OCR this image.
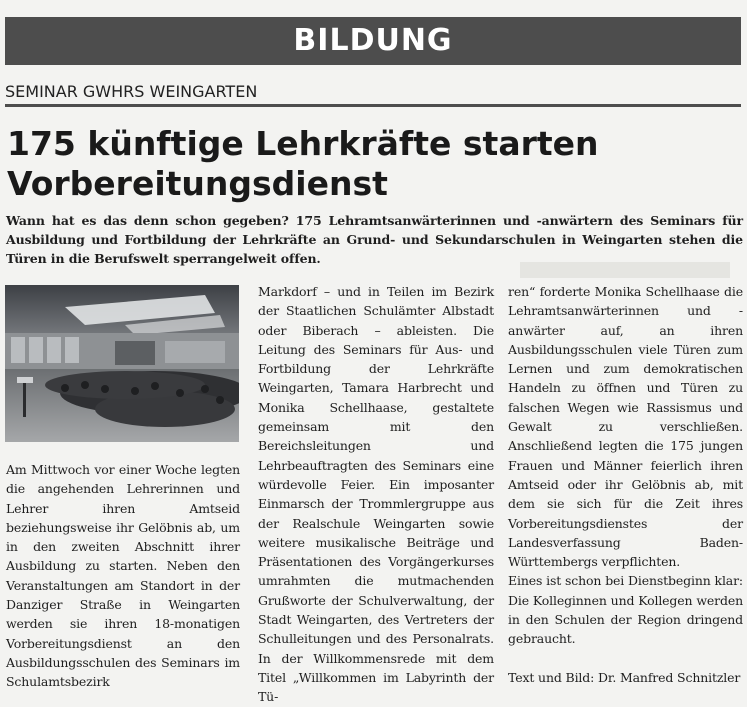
BILDUNG
SEMINAR GWHRS WEINGARTEN
175 künftige Lehrkräfte starten
Vorbereitungsdienst
Wann hat es das denn schon gegeben? 175 Lehramtsanwärterinnen und -anwärtern des Seminars für Ausbildung und Fortbildung der Lehrkräfte an Grund- und Sekundarschulen in Weingarten stehen die Türen in die Berufswelt sperrangelweit offen.

Am Mittwoch vor einer Woche legten die angehenden Lehrerinnen und Lehrer ihren Amtseid beziehungsweise ihr Gelöbnis ab, um in den zweiten Abschnitt ihrer Ausbildung zu starten. Neben den Veranstaltungen am Standort in der Danziger Straße in Weingarten werden sie ihren 18-monatigen Vorbereitungsdienst an den Ausbildungsschulen des Seminars im Schulamtsbezirk

Markdorf – und in Teilen im Bezirk der Staatlichen Schulämter Albstadt oder Biberach – ableisten. Die Leitung des Seminars für Aus- und Fortbildung der Lehrkräfte Weingarten, Tamara Harbrecht und Monika Schellhaase, gestaltete gemeinsam mit den Bereichsleitungen und Lehrbeauftragten des Seminars eine würdevolle Feier. Ein imposanter Einmarsch der Trommlergruppe aus der Realschule Weingarten sowie weitere musikalische Beiträge und Präsentationen des Vorgängerkurses umrahmten die mutmachenden Grußworte der Schulverwaltung, der Stadt Weingarten, des Vertreters der Schulleitungen und des Personalrats. In der Willkommensrede mit dem Titel „Willkommen im Labyrinth der Tü-

ren“ forderte Monika Schellhaase die Lehramtsanwärterinnen und -anwärter auf, an ihren Ausbildungsschulen viele Türen zum Lernen und zum demokratischen Handeln zu öffnen und Türen zu falschen Wegen wie Rassismus und Gewalt zu verschließen. Anschließend legten die 175 jungen Frauen und Männer feierlich ihren Amtseid oder ihr Gelöbnis ab, mit dem sie sich für die Zeit ihres Vorbereitungsdienstes der Landesverfassung Baden-Württembergs verpflichten.

Eines ist schon bei Dienstbeginn klar: Die Kolleginnen und Kollegen werden in den Schulen der Region dringend gebraucht.

Text und Bild: Dr. Manfred Schnitzler
